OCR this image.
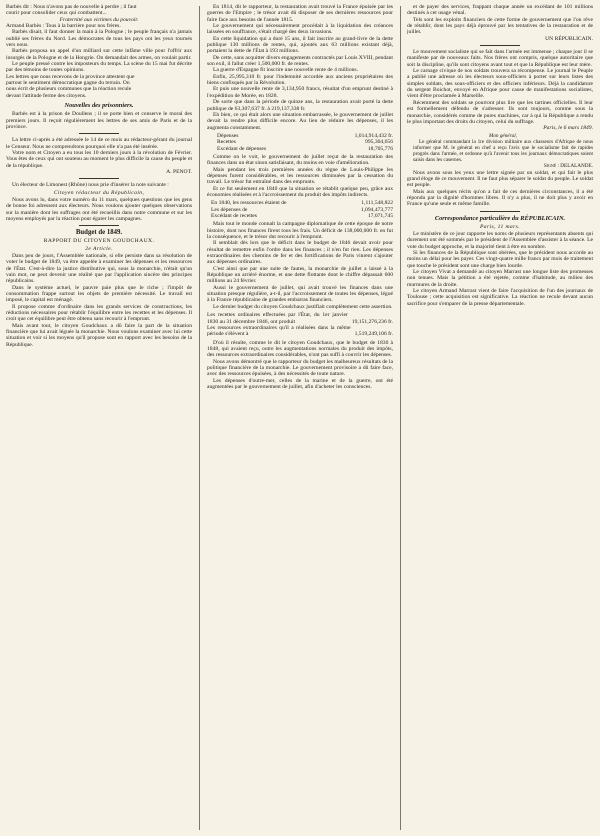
Barbès dit : Nous n'avons pas de nouvelle à perdre ; il faut
courir pour consolider ceux qui combattent...
Fraternité aux victimes du pouvoir.
Armand Barbès : Tous à la barrière pour nos frères.
Barbès disait, il faut donner la main à la Pologne ; le peuple français n'a jamais oublié ses frères du Nord. Les démocrates de tous les pays ont les yeux tournés vers nous.
Barbès proposa un appel d'un milliard sur cette infâme ville pour l'offrir aux insurgés de la Pologne et de la Hongrie. On demandait des armes, on voulait partir.
Le peuple pressé contre les imposteurs du temps. La scène du 15 mai fut décrite par des témoins de toutes opinions.
Les lettres que nous recevons de la province attestent que
partout le sentiment démocratique gagne du terrain. On
nous écrit de plusieurs communes que la réaction recule
devant l'attitude ferme des citoyens.
Nouvelles des prisonniers.
Barbès est à la prison de Doullens ; il se porte bien et conserve le moral des premiers jours. Il reçoit régulièrement les lettres de ses amis de Paris et de la province.
La lettre ci-après a été adressée le 14 de ce mois au rédacteur-gérant du journal le Censeur. Nous ne comprendrons pourquoi elle n'a pas été insérée.
Votre nom et Citoyen a eu tous les 10 derniers jours à la révolution de Février. Vous êtes de ceux qui ont soutenu au moment le plus difficile la cause du peuple et de la république.
A. PENOT.
Un électeur de Limonest (Rhône) nous prie d'insérer la note suivante :
Citoyen rédacteur du Républicain,
Nous avons lu, dans votre numéro du 11 mars, quelques questions que les gens de bonne foi adressent aux électeurs. Nous voulons ajouter quelques observations sur la manière dont les suffrages ont été recueillis dans notre commune et sur les moyens employés par la réaction pour égarer les campagnes.
Budget de 1849.
RAPPORT DU CITOYEN GOUDCHAUX.
2e Article.
Dans peu de jours, l'Assemblée nationale, si elle persiste dans sa résolution de voter le budget de 1849, va être appelée à examiner les dépenses et les ressources de l'État. C'est-à-dire la justice distributive qui, sous la monarchie, n'était qu'un vain mot, ne peut devenir une réalité que par l'application sincère des principes républicains.
Dans le système actuel, le pauvre paie plus que le riche ; l'impôt de consommation frappe surtout les objets de première nécessité. Le travail est imposé, le capital est ménagé.
Il propose comme d'ordinaire dans les grands services de constructions, les réductions nécessaires pour rétablir l'équilibre entre les recettes et les dépenses. Il croit que cet équilibre peut être obtenu sans recourir à l'emprunt.
Mais avant tout, le citoyen Goudchaux a dû faire la part de la situation financière que lui avait léguée la monarchie. Nous voulons examiner avec lui cette situation et voir si les moyens qu'il propose sont en rapport avec les besoins de la République.
En 1814, dit le rapporteur, la restauration avait trouvé la France épuisée par les guerres de l'Empire ; le trésor avait dû disposer de ses dernières ressources pour faire face aux besoins de l'année 1815.
Le gouvernement qui nécessairement procédait à la liquidation des créances laissées en souffrance, s'était chargé des deux invasions.
En cette liquidation qui a duré 15 ans, il fait inscrire au grand-livre de la dette publique 130 millions de rentes, qui, ajoutés aux 63 millions existant déjà, portaient la dette de l'État à 193 millions.
De cette, sans acquitter divers engagements contractés par Louis XVIII, pendant son exil, il fallut créer 1,500,000 fr. de rentes.
La guerre d'Espagne fit inscrire une nouvelle rente de 4 millions.
Enfin, 25,995,310 fr. pour l'indemnité accordée aux anciens propriétaires des biens confisqués par la Révolution.
Et puis une nouvelle rente de 3,134,950 francs, résultat d'un emprunt destiné à l'expédition de Morée, en 1828.
De sorte que dans la période de quinze ans, la restauration avait porté la dette publique de 63,307,637 fr. à 219,137,338 fr.
Eh bien, ce qui était alors une situation embarrassée, le gouvernement de juillet devait la rendre plus difficile encore. Au lieu de réduire les dépenses, il les augmenta constamment.
Dépenses	1,014,914,432 fr.
Recettes	995,304,656
Excédant de dépenses	18,705,776
Comme on le voit, le gouvernement de juillet reçut de la restauration des finances dans un état sinon satisfaisant, du moins en voie d'amélioration.
Mais pendant les trois premières années du règne de Louis-Philippe les dépenses furent considérables, et les ressources diminuées par la cessation du travail. Le trésor fut entraîné dans des emprunts.
Et ce fut seulement en 1840 que la situation se rétablit quelque peu, grâce aux économies réalisées et à l'accroissement du produit des impôts indirects.
En 1840, les ressources étaient de	1,111,548,822
Les dépenses de	1,094,473,777
Excédant de recettes	17,071,745
Mais tout le monde connaît la campagne diplomatique de cette époque de notre histoire, dont nos finances firent tous les frais. Un déficit de 138,000,000 fr. en fut la conséquence, et le trésor dut recourir à l'emprunt.
Il semblait dès lors que le déficit dans le budget de 1846 devait avoir pour résultat de remettre enfin l'ordre dans les finances ; il n'en fut rien. Les dépenses extraordinaires des chemins de fer et des fortifications de Paris vinrent s'ajouter aux dépenses ordinaires.
C'est ainsi que par une suite de fautes, la monarchie de juillet a laissé à la République un arriéré énorme, et une dette flottante dont le chiffre dépassait 600 millions au 24 février.
Aussi le gouvernement de juillet, qui avait trouvé les finances dans une situation presque régulière, a-t-il, par l'accroissement de toutes les dépenses, légué à la France républicaine de grandes embarras financiers.
Le dernier budget du citoyen Goudchaux justifiait complètement cette assertion.
Les recettes ordinaires effectuées par l'État, du 1er janvier 1830 au 31 décembre 1846, ont produit	19,151,276,236 fr.
Les ressources extraordinaires qu'il a réalisées dans la même période s'élèvent à	1,519,249,106 fr.
D'où il résulte, comme le dit le citoyen Goudchaux, que le budget de 1830 à 1848, qui avaient reçu, outre les augmentations normales du produit des impôts, des ressources extraordinaires considérables, n'ont pas suffi à couvrir les dépenses.
Nous avons démontré que le rapporteur du budget les malheureux résultats de la politique financière de la monarchie. Le gouvernement provisoire a dû faire face, avec des ressources épuisées, à des nécessités de toute nature.
Les dépenses d'outre-mer, celles de la marine et de la guerre, ont été augmentées par le gouvernement de juillet, afin d'acheter les consciences.
et de payer des services, frappant chaque année un excédant de 101 millions destinés à cet usage vénal.
Tels sont les exploits financiers de cette forme de gouvernement que l'on rêve de rétablir, dont les pays déjà éprouvé par les tentatives de la restauration et de juillet.
UN RÉPUBLICAIN.
Le mouvement socialiste qui se fait dans l'armée est immense ; chaque jour il se manifeste par de nouveaux faits. Nos frères ont compris, quelque autoritaire que soit la discipline, qu'ils sont citoyens avant tout et que la République est leur mère.
Le carnage civique de nos soldats trouvera sa récompense. Le journal le Peuple a publié une adresse où les électeurs sous-officiers à porter sur leurs listes des simples soldats, des sous-officiers et des officiers inférieurs. Déjà la candidature du sergent Boichot, envoyé en Afrique pour cause de manifestations socialistes, vient d'être proclamée à Marseille.
Récemment des soldats se pourront plus lire que les tartines officielles. Il leur est formellement défendu de s'adresser. Ils sont toujours, comme sous la monarchie, considérés comme de pures machines, car à qui la République a rendu le plus important des droits du citoyen, celui du suffrage.
Paris, le 6 mars 1849.
Mon général,
Le général commandant la 1re division militaire aux chasseurs d'Afrique de nous informer que M. le général en chef a reçu l'avis que le socialisme fait de rapides progrès dans l'armée, et ordonne qu'à l'avenir tous les journaux démocratiques soient saisis dans les casernes.
Signé : DELALANDE.
Nous avons sous les yeux une lettre signée par un soldat, et qui fait le plus grand éloge de ce mouvement. Il ne faut plus séparer le soldat du peuple. Le soldat est peuple.
Mais aux quelques récits qu'on a fait de ces dernières circonstances, il a été répondu par la dignité d'hommes libres. Il n'y a plus, il ne doit plus y avoir en France qu'une seule et même famille.
Correspondance particulière du RÉPUBLICAIN.
Paris, 11 mars.
Le ministère de ce jour rapporte les noms de plusieurs représentants absents qui durement ont été sommés par le président de l'Assemblée d'assister à la séance. Le vote du budget approche, et la majorité tient à être en nombre.
Si les finances de la République sont obérées, que le président nous accorde au moins un délai pour les payer. Ces vingt-quatre mille francs par mois de traitement que touche le président sont une charge bien lourde.
Le citoyen Vivat a demandé au citoyen Marrast une longue liste des promesses non tenues. Mais la pétition a été rejetée, comme d'habitude, au milieu des murmures de la droite.
Le citoyen Armand Marrast vient de faire l'acquisition de l'un des journaux de Toulouse ; cette acquisition est significative. La réaction ne recule devant aucun sacrifice pour s'emparer de la presse départementale.
